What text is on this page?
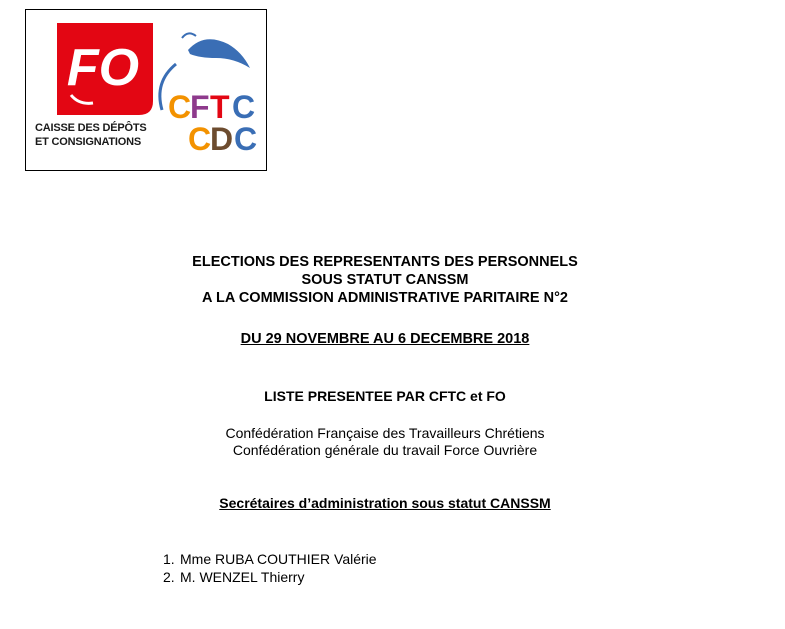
FO
CAISSE DES DÉPÔTS
ET CONSIGNATIONS
C
F T C
C
D C
ELECTIONS DES REPRESENTANTS DES PERSONNELS
SOUS STATUT CANSSM
A LA COMMISSION ADMINISTRATIVE PARITAIRE N°2
DU 29 NOVEMBRE AU 6 DECEMBRE 2018
LISTE PRESENTEE PAR CFTC et FO
Confédération Française des Travailleurs Chrétiens
Confédération générale du travail Force Ouvrière
Secrétaires d’administration sous statut CANSSM
1. Mme RUBA COUTHIER Valérie
2. M. WENZEL Thierry
